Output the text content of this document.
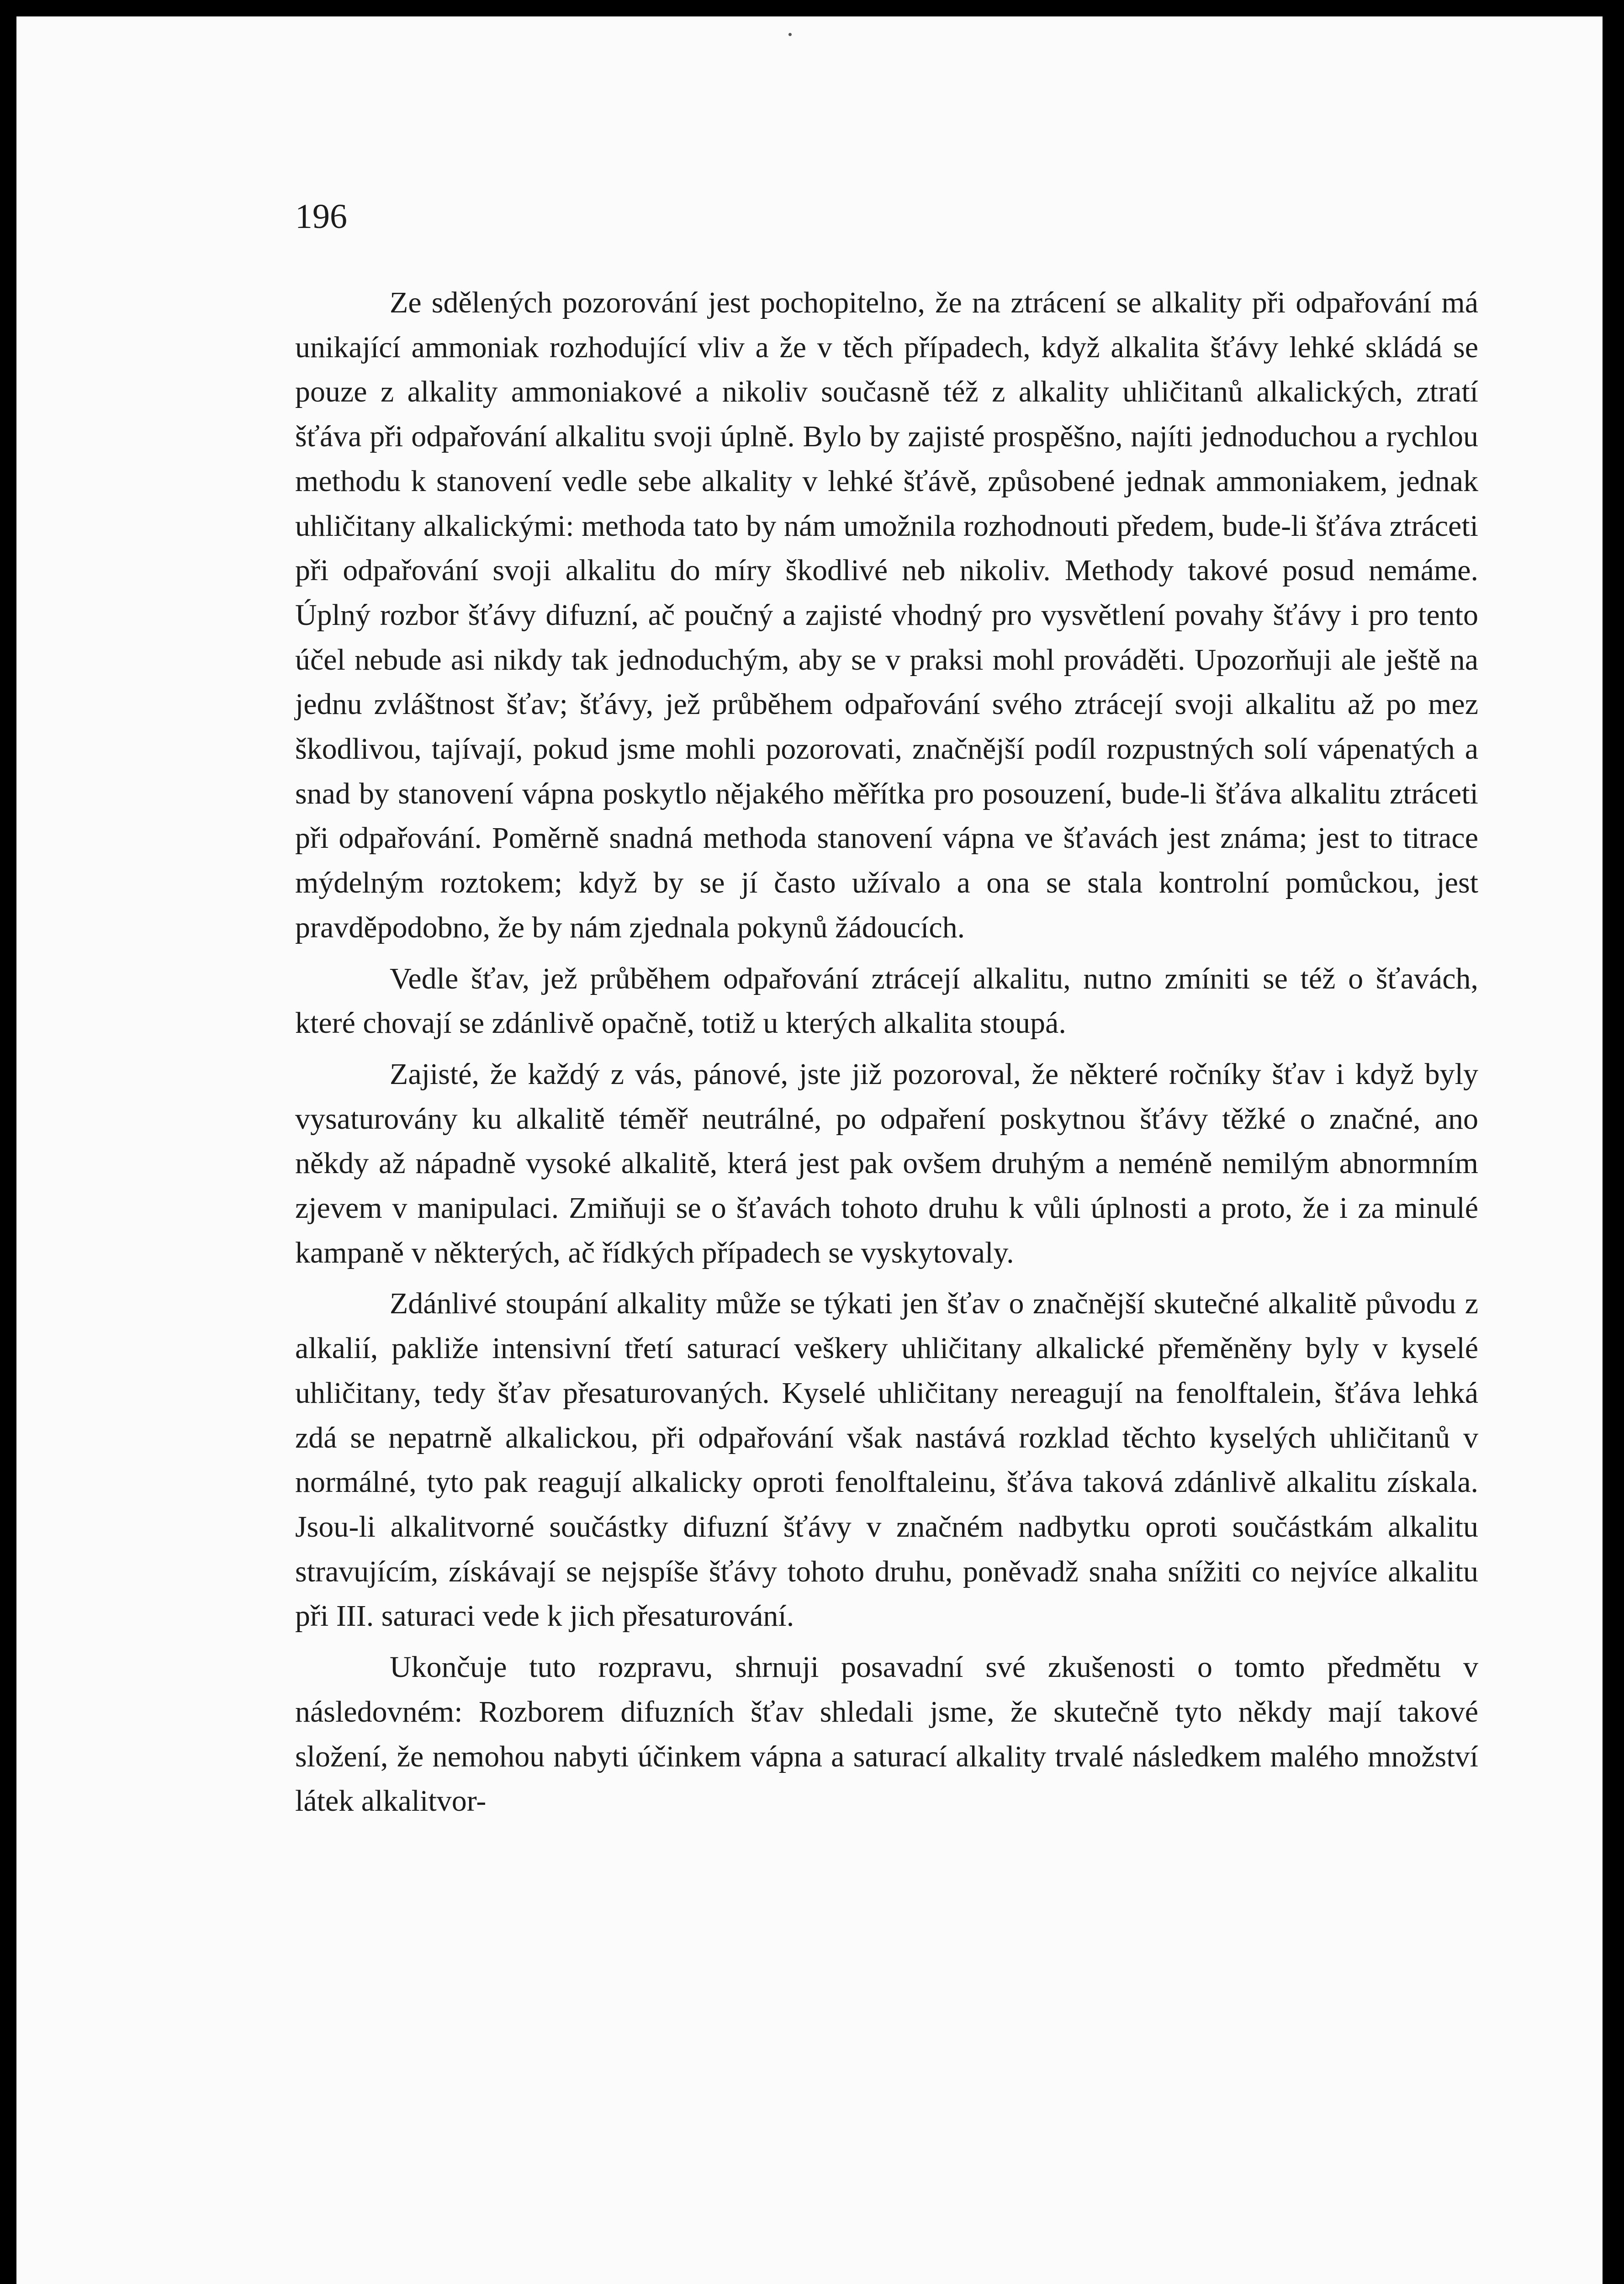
196

Ze sdělených pozorování jest pochopitelno, že na ztrácení se alkality při odpařování má unikající ammoniak rozhodující vliv a že v těch případech, když alkalita šťávy lehké skládá se pouze z alkality ammoniakové a nikoliv současně též z alkality uhličitanů alkalických, ztratí šťáva při odpařování alkalitu svoji úplně. Bylo by zajisté prospěšno, najíti jednoduchou a rychlou methodu k stanovení vedle sebe alkality v lehké šťávě, způsobené jednak ammoniakem, jednak uhličitany alkalickými: methoda tato by nám umožnila rozhodnouti předem, bude-li šťáva ztráceti při odpařování svoji alkalitu do míry škodlivé neb nikoliv. Methody takové posud nemáme. Úplný rozbor šťávy difuzní, ač poučný a zajisté vhodný pro vysvětlení povahy šťávy i pro tento účel nebude asi nikdy tak jednoduchým, aby se v praksi mohl prováděti. Upozorňuji ale ještě na jednu zvláštnost šťav; šťávy, jež průběhem odpařování svého ztrácejí svoji alkalitu až po mez škodlivou, tajívají, pokud jsme mohli pozorovati, značnější podíl rozpustných solí vápenatých a snad by stanovení vápna poskytlo nějakého měřítka pro posouzení, bude-li šťáva alkalitu ztráceti při odpařování. Poměrně snadná methoda stanovení vápna ve šťavách jest známa; jest to titrace mýdelným roztokem; když by se jí často užívalo a ona se stala kontrolní pomůckou, jest pravděpodobno, že by nám zjednala pokynů žádoucích.

Vedle šťav, jež průběhem odpařování ztrácejí alkalitu, nutno zmíniti se též o šťavách, které chovají se zdánlivě opačně, totiž u kterých alkalita stoupá.

Zajisté, že každý z vás, pánové, jste již pozoroval, že některé ročníky šťav i když byly vysaturovány ku alkalitě téměř neutrálné, po odpaření poskytnou šťávy těžké o značné, ano někdy až nápadně vysoké alkalitě, která jest pak ovšem druhým a neméně nemilým abnormním zjevem v manipulaci. Zmiňuji se o šťavách tohoto druhu k vůli úplnosti a proto, že i za minulé kampaně v některých, ač řídkých případech se vyskytovaly.

Zdánlivé stoupání alkality může se týkati jen šťav o značnější skutečné alkalitě původu z alkalií, pakliže intensivní třetí saturací veškery uhličitany alkalické přeměněny byly v kyselé uhličitany, tedy šťav přesaturovaných. Kyselé uhličitany nereagují na fenolftalein, šťáva lehká zdá se nepatrně alkalickou, při odpařování však nastává rozklad těchto kyselých uhličitanů v normálné, tyto pak reagují alkalicky oproti fenolftaleinu, šťáva taková zdánlivě alkalitu získala. Jsou-li alkalitvorné součástky difuzní šťávy v značném nadbytku oproti součástkám alkalitu stravujícím, získávají se nejspíše šťávy tohoto druhu, poněvadž snaha snížiti co nejvíce alkalitu při III. saturaci vede k jich přesaturování.

Ukončuje tuto rozpravu, shrnuji posavadní své zkušenosti o tomto předmětu v následovném: Rozborem difuzních šťav shledali jsme, že skutečně tyto někdy mají takové složení, že nemohou nabyti účinkem vápna a saturací alkality trvalé následkem malého množství látek alkalitvor-
